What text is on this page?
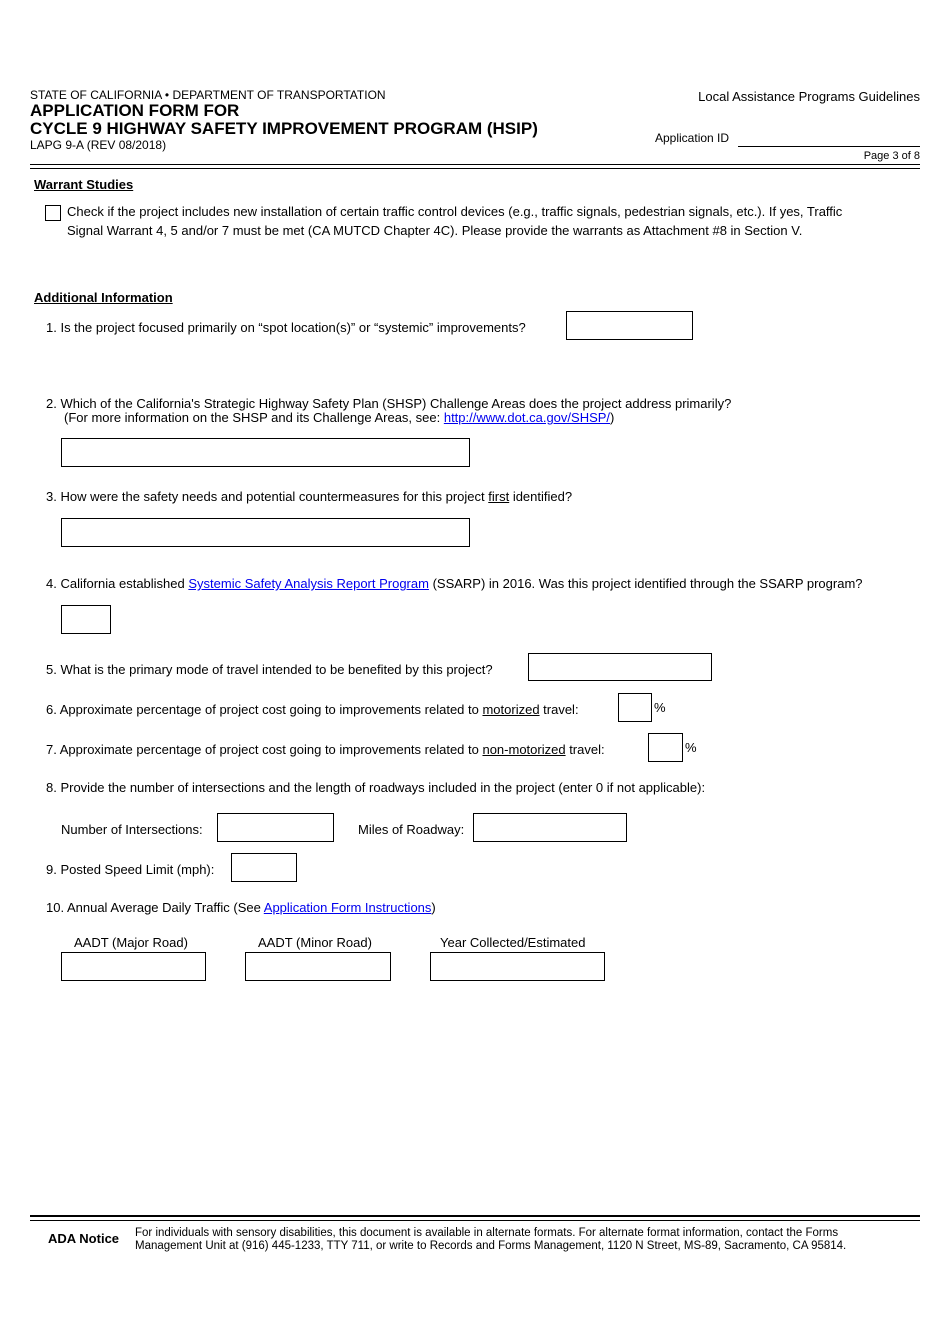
STATE OF CALIFORNIA • DEPARTMENT OF TRANSPORTATION
APPLICATION FORM FOR
CYCLE 9 HIGHWAY SAFETY IMPROVEMENT PROGRAM (HSIP)
LAPG 9-A (REV 08/2018)
Local Assistance Programs Guidelines
Application ID
Page 3 of 8
Warrant Studies
Check if the project includes new installation of certain traffic control devices (e.g., traffic signals, pedestrian signals, etc.). If yes, Traffic
Signal Warrant 4, 5 and/or 7 must be met (CA MUTCD Chapter 4C). Please provide the warrants as Attachment #8 in Section V.
Additional Information
1. Is the project focused primarily on “spot location(s)” or “systemic” improvements?
2. Which of the California's Strategic Highway Safety Plan (SHSP) Challenge Areas does the project address primarily?
(For more information on the SHSP and its Challenge Areas, see: http://www.dot.ca.gov/SHSP/)
3. How were the safety needs and potential countermeasures for this project first identified?
4. California established Systemic Safety Analysis Report Program (SSARP) in 2016. Was this project identified through the SSARP program?
5. What is the primary mode of travel intended to be benefited by this project?
6. Approximate percentage of project cost going to improvements related to motorized travel:	%
7. Approximate percentage of project cost going to improvements related to non-motorized travel:	%
8. Provide the number of intersections and the length of roadways included in the project (enter 0 if not applicable):
Number of Intersections:	Miles of Roadway:
9. Posted Speed Limit (mph):
10. Annual Average Daily Traffic (See Application Form Instructions)
AADT (Major Road)	AADT (Minor Road)	Year Collected/Estimated
ADA Notice For individuals with sensory disabilities, this document is available in alternate formats. For alternate format information, contact the Forms
Management Unit at (916) 445-1233, TTY 711, or write to Records and Forms Management, 1120 N Street, MS-89, Sacramento, CA 95814.
